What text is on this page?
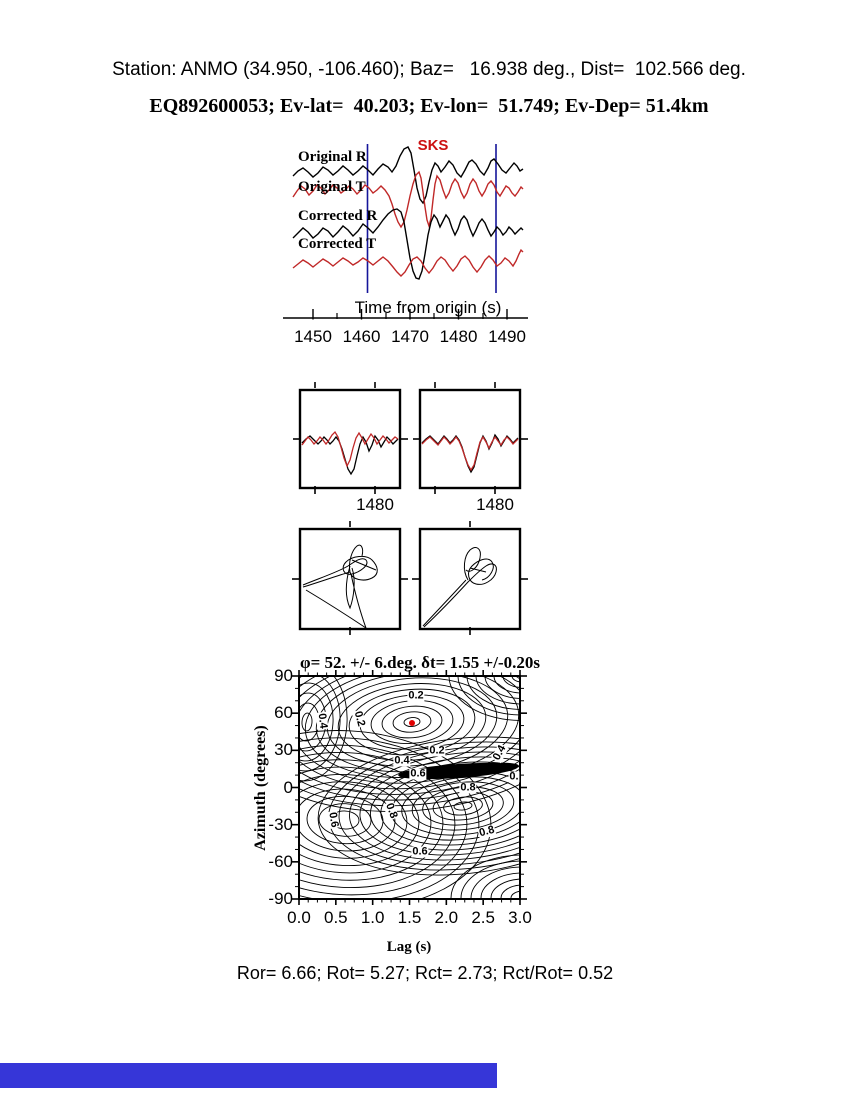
Station: ANMO (34.950, -106.460); Baz=   16.938 deg., Dist=  102.566 deg.
EQ892600053; Ev-lat=  40.203; Ev-lon=  51.749; Ev-Dep= 51.4km
SKS
Original R
Original T
Corrected R
Corrected T
Time from origin (s)
1480	1480
φ= 52. +/- 6.deg. δt= 1.55 +/-0.20s
Azimuth (degrees)
Lag (s)
Ror= 6.66; Rot= 5.27; Rct= 2.73; Rct/Rot= 0.52
1450 1460 1470 1480 1490
90
60
30
0
-30
-60
-90
0.0 0.5 1.0 1.5 2.0 2.5 3.0
0.2
0.4 0.2
0.2
0.4
0.6
0.4
0.8
0.
0.6	0.8
0.8
0.6
